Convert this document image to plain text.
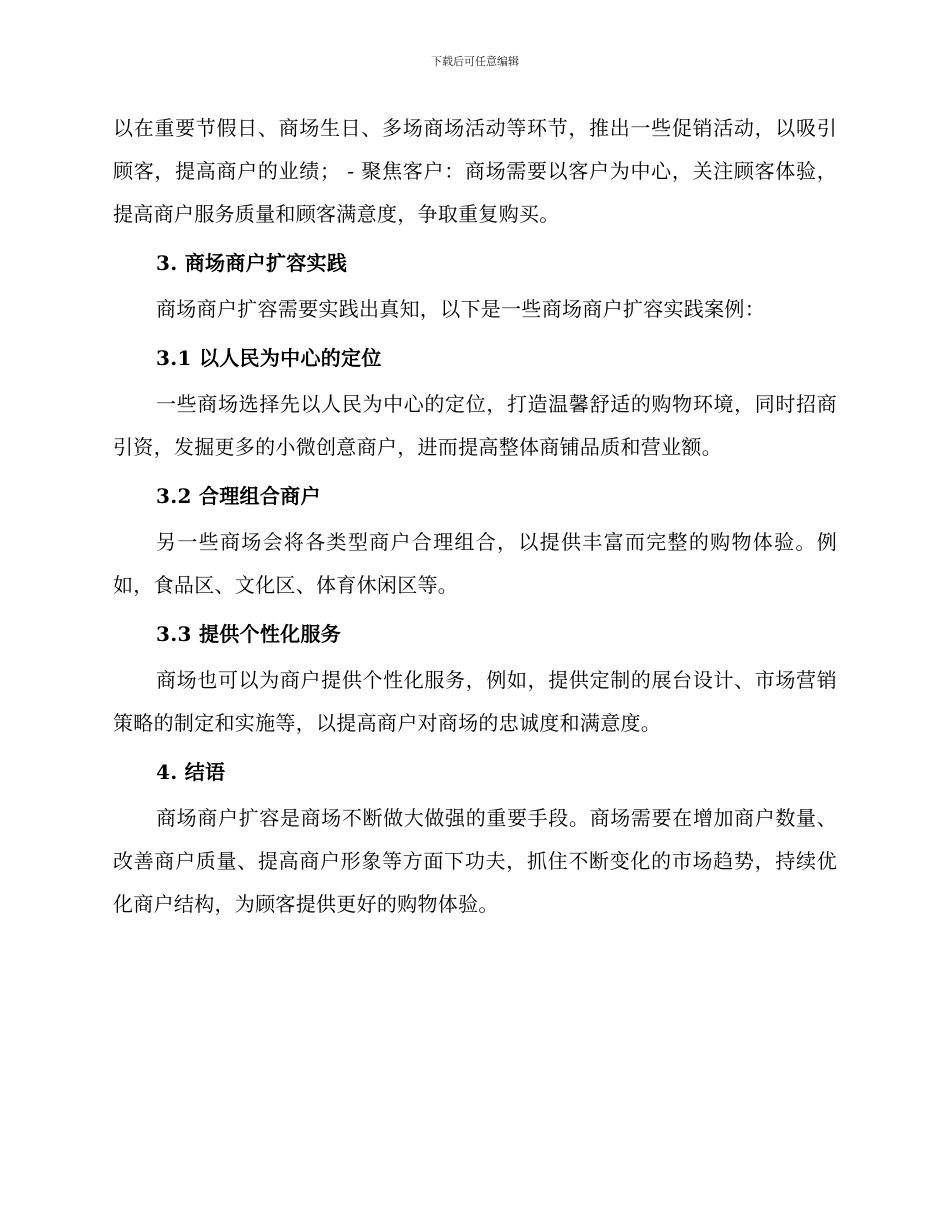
下载后可任意编辑

以在重要节假日、商场生日、多场商场活动等环节，推出一些促销活动，以吸引顾客，提高商户的业绩； - 聚焦客户：商场需要以客户为中心，关注顾客体验，提高商户服务质量和顾客满意度，争取重复购买。

3. 商场商户扩容实践

商场商户扩容需要实践出真知，以下是一些商场商户扩容实践案例：

3.1 以人民为中心的定位

一些商场选择先以人民为中心的定位，打造温馨舒适的购物环境，同时招商引资，发掘更多的小微创意商户，进而提高整体商铺品质和营业额。

3.2 合理组合商户

另一些商场会将各类型商户合理组合，以提供丰富而完整的购物体验。例如，食品区、文化区、体育休闲区等。

3.3 提供个性化服务

商场也可以为商户提供个性化服务，例如，提供定制的展台设计、市场营销策略的制定和实施等，以提高商户对商场的忠诚度和满意度。

4. 结语

商场商户扩容是商场不断做大做强的重要手段。商场需要在增加商户数量、改善商户质量、提高商户形象等方面下功夫，抓住不断变化的市场趋势，持续优化商户结构，为顾客提供更好的购物体验。
